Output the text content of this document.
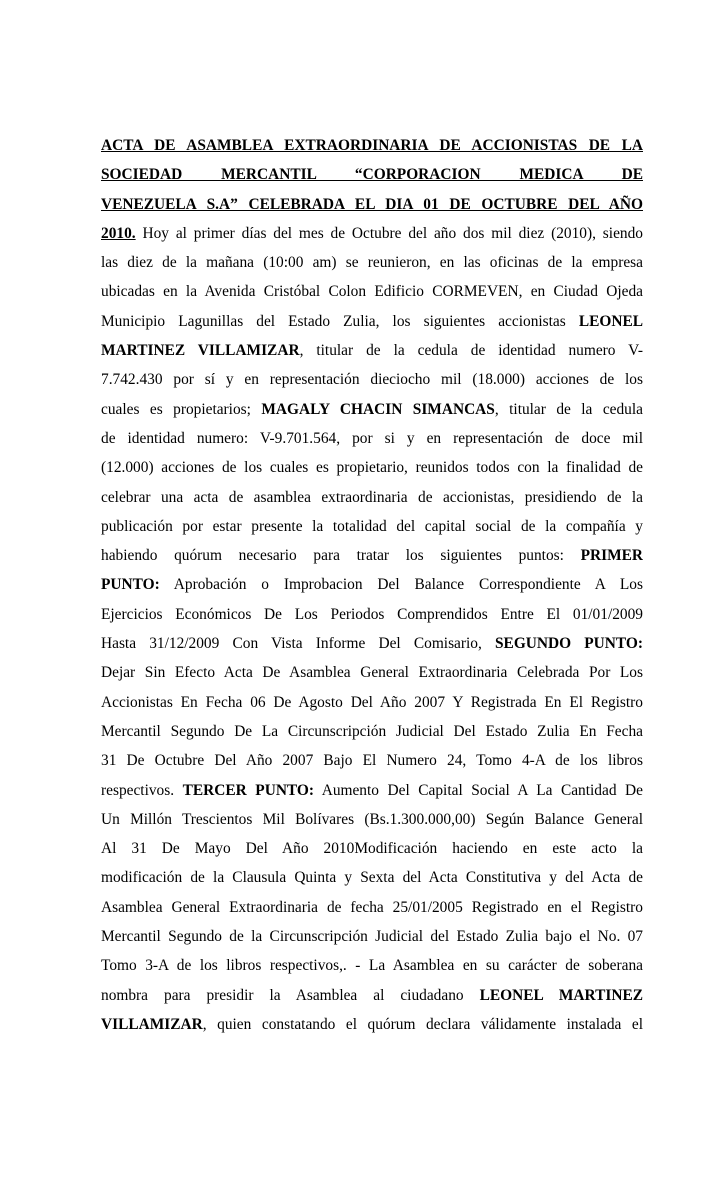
ACTA DE ASAMBLEA EXTRAORDINARIA DE ACCIONISTAS DE LA
SOCIEDAD MERCANTIL “CORPORACION MEDICA DE
VENEZUELA S.A” CELEBRADA EL DIA 01 DE OCTUBRE DEL AÑO
2010. Hoy al primer días del mes de Octubre del año dos mil diez (2010), siendo
las diez de la mañana (10:00 am) se reunieron, en las oficinas de la empresa
ubicadas en la Avenida Cristóbal Colon Edificio CORMEVEN, en Ciudad Ojeda
Municipio Lagunillas del Estado Zulia, los siguientes accionistas LEONEL
MARTINEZ VILLAMIZAR, titular de la cedula de identidad numero V-
7.742.430 por sí y en representación dieciocho mil (18.000) acciones de los
cuales es propietarios; MAGALY CHACIN SIMANCAS, titular de la cedula
de identidad numero: V-9.701.564, por si y en representación de doce mil
(12.000) acciones de los cuales es propietario, reunidos todos con la finalidad de
celebrar una acta de asamblea extraordinaria de accionistas, presidiendo de la
publicación por estar presente la totalidad del capital social de la compañía y
habiendo quórum necesario para tratar los siguientes puntos: PRIMER
PUNTO: Aprobación o Improbacion Del Balance Correspondiente A Los
Ejercicios Económicos De Los Periodos Comprendidos Entre El 01/01/2009
Hasta 31/12/2009 Con Vista Informe Del Comisario, SEGUNDO PUNTO:
Dejar Sin Efecto Acta De Asamblea General Extraordinaria Celebrada Por Los
Accionistas En Fecha 06 De Agosto Del Año 2007 Y Registrada En El Registro
Mercantil Segundo De La Circunscripción Judicial Del Estado Zulia En Fecha
31 De Octubre Del Año 2007 Bajo El Numero 24, Tomo 4-A de los libros
respectivos. TERCER PUNTO: Aumento Del Capital Social A La Cantidad De
Un Millón Trescientos Mil Bolívares (Bs.1.300.000,00) Según Balance General
Al 31 De Mayo Del Año 2010Modificación haciendo en este acto la
modificación de la Clausula Quinta y Sexta del Acta Constitutiva y del Acta de
Asamblea General Extraordinaria de fecha 25/01/2005 Registrado en el Registro
Mercantil Segundo de la Circunscripción Judicial del Estado Zulia bajo el No. 07
Tomo 3-A de los libros respectivos,. - La Asamblea en su carácter de soberana
nombra para presidir la Asamblea al ciudadano LEONEL MARTINEZ
VILLAMIZAR, quien constatando el quórum declara válidamente instalada el
